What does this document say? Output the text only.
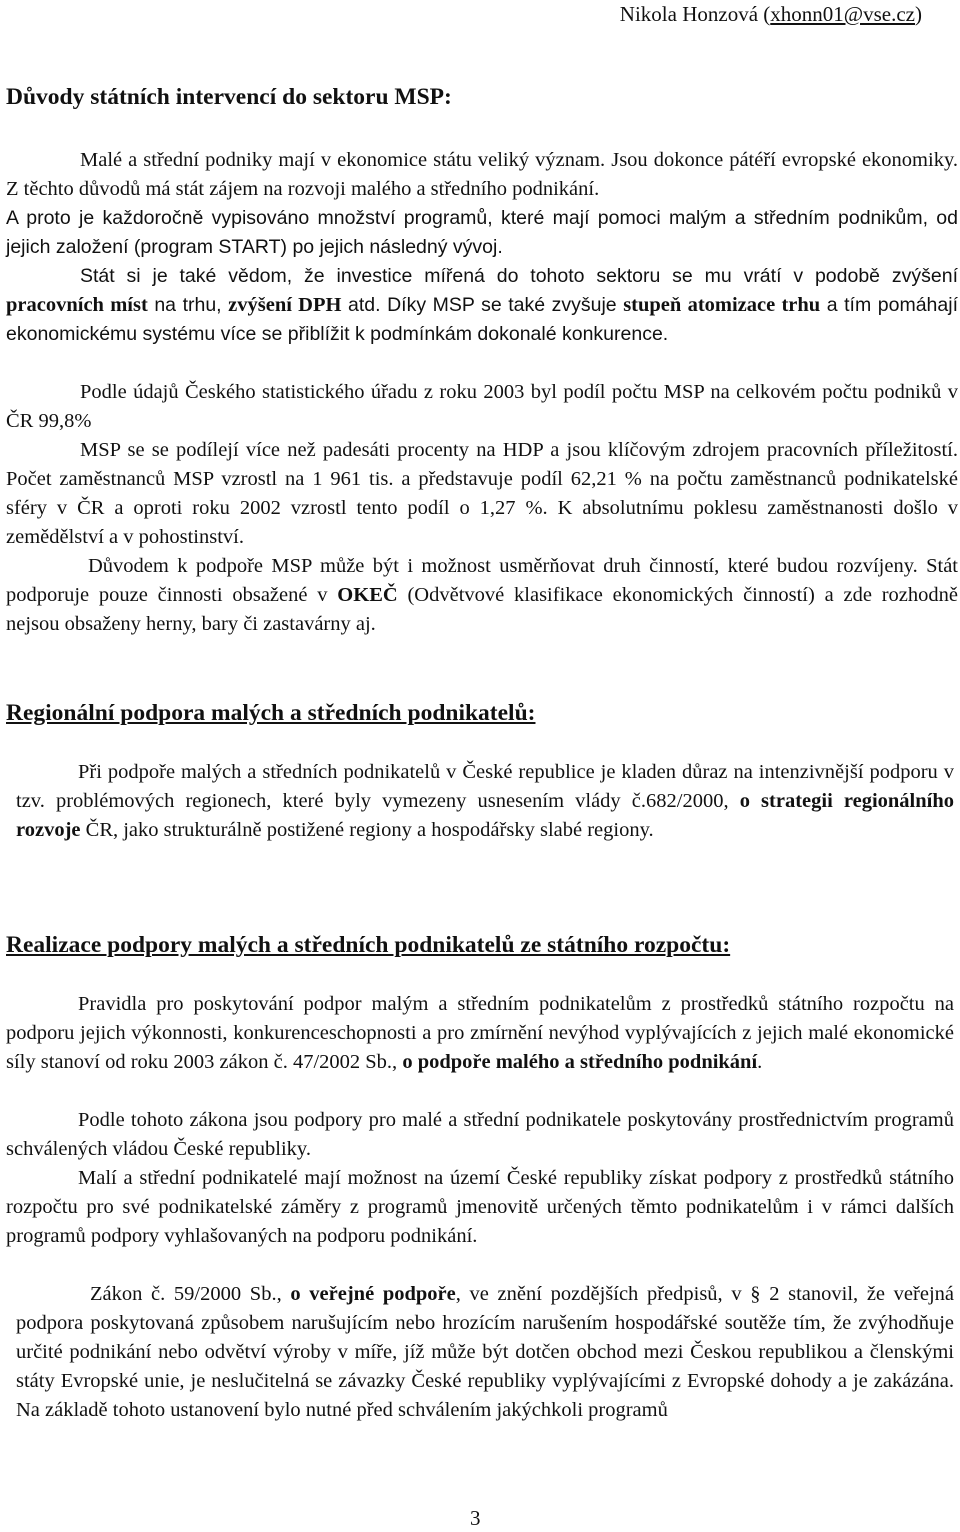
Nikola Honzová (xhonn01@vse.cz)
Důvody státních intervencí do sektoru MSP:

Malé a střední podniky mají v ekonomice státu veliký význam. Jsou dokonce pátéří evropské ekonomiky. Z těchto důvodů má stát zájem na rozvoji malého a středního podnikání.

A proto je každoročně vypisováno množství programů, které mají pomoci malým a středním podnikům, od jejich založení (program START) po jejich následný vývoj.

Stát si je také vědom, že investice mířená do tohoto sektoru se mu vrátí v podobě zvýšení pracovních míst na trhu, zvýšení DPH atd. Díky MSP se také zvyšuje stupeň atomizace trhu a tím pomáhají ekonomickému systému více se přiblížit k podmínkám dokonalé konkurence.

Podle údajů Českého statistického úřadu z roku 2003 byl podíl počtu MSP na celkovém počtu podniků v ČR 99,8%

MSP se se podílejí více než padesáti procenty na HDP a jsou klíčovým zdrojem pracovních příležitostí. Počet zaměstnanců MSP vzrostl na 1 961 tis. a představuje podíl 62,21 % na počtu zaměstnanců podnikatelské sféry v ČR a oproti roku 2002 vzrostl tento podíl o 1,27 %. K absolutnímu poklesu zaměstnanosti došlo v zemědělství a v pohostinství.

Důvodem k podpoře MSP může být i možnost usměrňovat druh činností, které budou rozvíjeny. Stát podporuje pouze činnosti obsažené v OKEČ (Odvětvové klasifikace ekonomických činností) a zde rozhodně nejsou obsaženy herny, bary či zastavárny aj.

Regionální podpora malých a středních podnikatelů:

Při podpoře malých a středních podnikatelů v České republice je kladen důraz na intenzivnější podporu v tzv. problémových regionech, které byly vymezeny usnesením vlády č.682/2000, o strategii regionálního rozvoje ČR, jako strukturálně postižené regiony a hospodářsky slabé regiony.

Realizace podpory malých a středních podnikatelů ze státního rozpočtu:

Pravidla pro poskytování podpor malým a středním podnikatelům z prostředků státního rozpočtu na podporu jejich výkonnosti, konkurenceschopnosti a pro zmírnění nevýhod vyplývajících z jejich malé ekonomické síly stanoví od roku 2003 zákon č. 47/2002 Sb., o podpoře malého a středního podnikání.

Podle tohoto zákona jsou podpory pro malé a střední podnikatele poskytovány prostřednictvím programů schválených vládou České republiky.

Malí a střední podnikatelé mají možnost na území České republiky získat podpory z prostředků státního rozpočtu pro své podnikatelské záměry z programů jmenovitě určených těmto podnikatelům i v rámci dalších programů podpory vyhlašovaných na podporu podnikání.

Zákon č. 59/2000 Sb., o veřejné podpoře, ve znění pozdějších předpisů, v § 2 stanovil, že veřejná podpora poskytovaná způsobem narušujícím nebo hrozícím narušením hospodářské soutěže tím, že zvýhodňuje určité podnikání nebo odvětví výroby v míře, jíž může být dotčen obchod mezi Českou republikou a členskými státy Evropské unie, je neslučitelná se závazky České republiky vyplývajícími z Evropské dohody a je zakázána. Na základě tohoto ustanovení bylo nutné před schválením jakýchkoli programů

3
